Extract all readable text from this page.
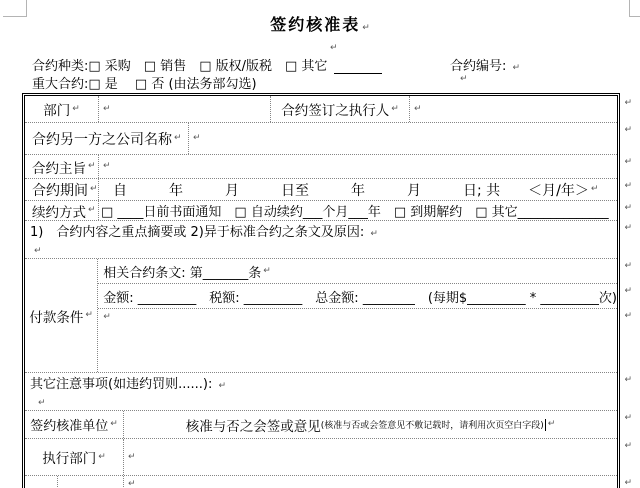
签约核准表 ↵
↵
合约种类:□ 采购　□ 销售　□ 版权/版税　□ 其它	合约编号: ↵
重大合约:□ 是　 □ 否 (由法务部勾选)	↵
部门 ↵	↵	合约签订之执行人 ↵ ↵
↵
合约另一方之公司名称 ↵ ↵
↵
合约主旨 ↵ ↵	↵
合约期间 ↵ 自　　　年　　　月　　　日至　　　年　　　月　　　日; 共　　＜月/年＞ ↵	↵
续约方式 ↵ □ ____日前书面通知　□ 自动续约___个月___年　□ 到期解约　□ 其它______________ ↵
1)　合约内容之重点摘要或 2)异于标准合约之条文及原因: ↵
↵
↵
付款条件 ↵
相关合约条文: 第_______条 ↵	↵
金额: _________　税额: _________　总金额: ________　(每期$_________ * _________次) ↵
↵	↵
其它注意事项(如违约罚则......): ↵
↵
↵
签约核准单位 ↵	核准与否之会签或意见 (核准与否或会签意见不敷记载时，请利用次页空白字段) ↵
↵
执行部门 ↵ ↵
↵
↵	↵
